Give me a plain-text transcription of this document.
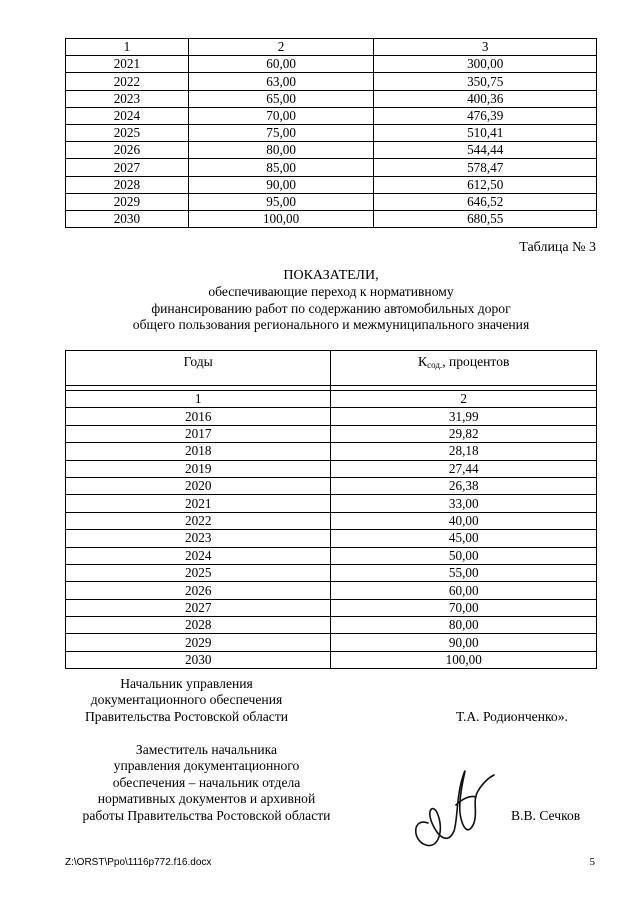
1	2	3
2021	60,00	300,00
2022	63,00	350,75
2023	65,00	400,36
2024	70,00	476,39
2025	75,00	510,41
2026	80,00	544,44
2027	85,00	578,47
2028	90,00	612,50
2029	95,00	646,52
2030	100,00	680,55
Таблица № 3
ПОКАЗАТЕЛИ,
обеспечивающие переход к нормативному
финансированию работ по содержанию автомобильных дорог
общего пользования регионального и межмуниципального значения
Годы	$К_{сод.}$, процентов

1	2
2016	31,99
2017	29,82
2018	28,18
2019	27,44
2020	26,38
2021	33,00
2022	40,00
2023	45,00
2024	50,00
2025	55,00
2026	60,00
2027	70,00
2028	80,00
2029	90,00
2030	100,00
Начальник управления
документационного обеспечения
Правительства Ростовской области	Т.А. Родионченко».
Заместитель начальника
управления документационного
обеспечения – начальник отдела
нормативных документов и архивной
работы Правительства Ростовской области	В.В. Сечков
Z:\ORST\Ppo\1116p772.f16.docx	5
